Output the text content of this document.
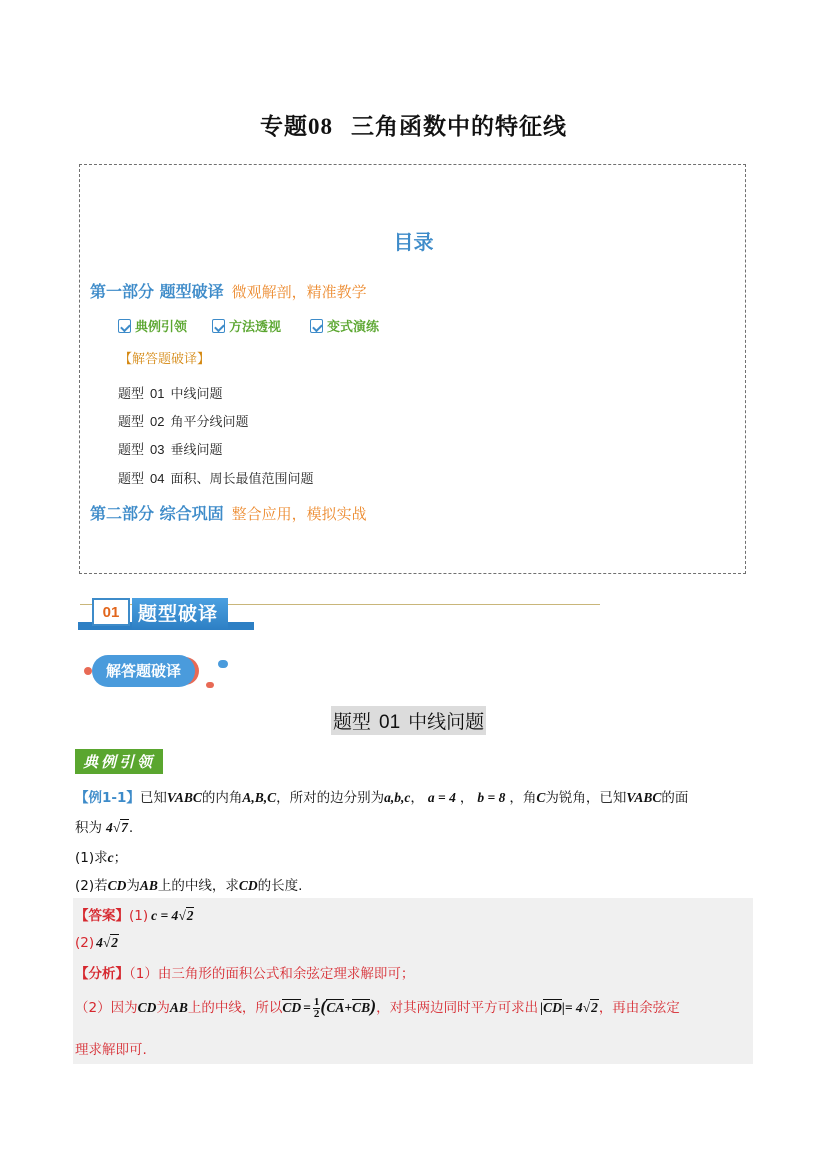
专题08 三角函数中的特征线
目录
第一部分 题型破译 微观解剖，精准教学
典例引领	方法透视	变式演练
【解答题破译】
题型 01 中线问题
题型 02 角平分线问题
题型 03 垂线问题
题型 04 面积、周长最值范围问题
第二部分 综合巩固 整合应用，模拟实战
01 题型破译
解答题破译
题型 01 中线问题
典例引领
【例1-1】已知VABC的内角A,B,C，所对的边分别为a,b,c， a = 4 ， b = 8 ，角C为锐角，已知VABC的面
积为 4√7.
(1)求c；
(2)若CD为AB上的中线，求CD的长度.
【答案】(1) c = 4√2
(2) 4√2
【分析】（1）由三角形的面积公式和余弦定理求解即可；
（2）因为CD为AB上的中线，所以CD = $\frac{1}{2}(CA+CB)$，对其两边同时平方可求出 |CD|= 4√2，再由余弦定
理求解即可.
